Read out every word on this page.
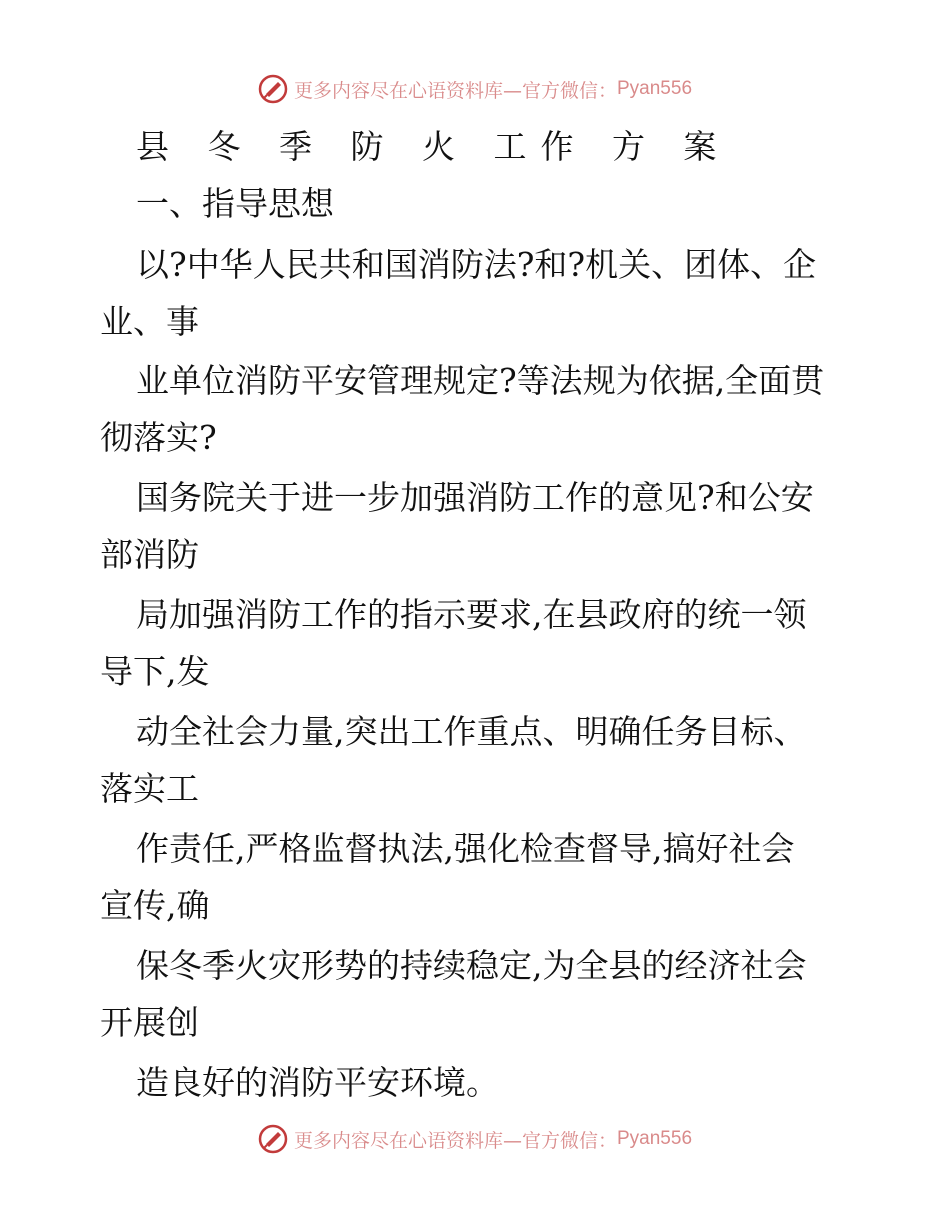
更多内容尽在心语资料库—官方微信： Pyan556
县 冬 季 防 火 工作 方 案
一、指导思想
以?中华人民共和国消防法?和?机关、团体、企
业、事
业单位消防平安管理规定?等法规为依据,全面贯
彻落实?
国务院关于进一步加强消防工作的意见?和公安
部消防
局加强消防工作的指示要求,在县政府的统一领
导下,发
动全社会力量,突出工作重点、明确任务目标、
落实工
作责任,严格监督执法,强化检查督导,搞好社会
宣传,确
保冬季火灾形势的持续稳定,为全县的经济社会
开展创
造良好的消防平安环境。
更多内容尽在心语资料库—官方微信： Pyan556
